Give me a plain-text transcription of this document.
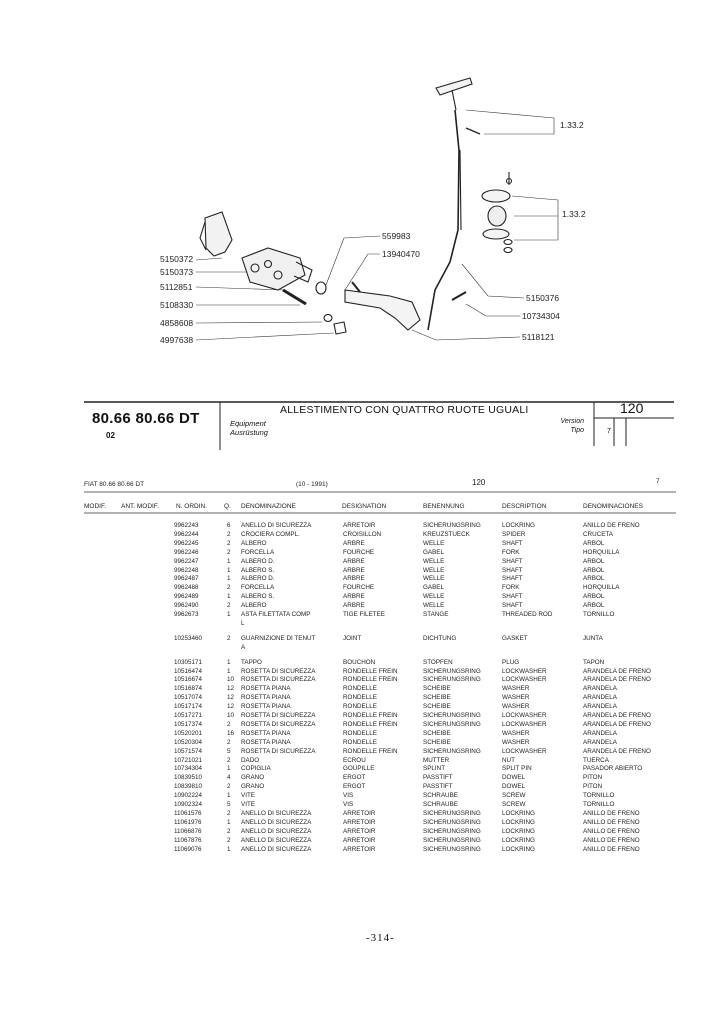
5150372
5150373
5112851
5108330
4858608
4997638
559983
13940470
5150376
10734304
5118121
1.33.2
1.33.2
80.66 80.66 DT
02
Equipment
Ausrüstung
ALLESTIMENTO CON QUATTRO RUOTE UGUALI
Version
Tipo
120
7
FIAT 80.66 80.66 DT	(10 - 1991)	120	7
MODIF. ANT. MODIF.	N. ORDIN.	Q. DENOMINAZIONE	DESIGNATION	BENENNUNG	DESCRIPTION	DENOMINACIONES
9962243	6 ANELLO DI SICUREZZA	ARRETOIR	SICHERUNGSRING	LOCKRING	ANILLO DE FRENO
9962244	2 CROCIERA COMPL.	CROISILLON	KREUZSTUECK	SPIDER	CRUCETA
9962245	2 ALBERO	ARBRE	WELLE	SHAFT	ARBOL
9962246	2 FORCELLA	FOURCHE	GABEL	FORK	HORQUILLA
9962247	1 ALBERO D.	ARBRE	WELLE	SHAFT	ARBOL
9962248	1 ALBERO S.	ARBRE	WELLE	SHAFT	ARBOL
9962487	1 ALBERO D.	ARBRE	WELLE	SHAFT	ARBOL
9962488	2 FORCELLA	FOURCHE	GABEL	FORK	HORQUILLA
9962489	1 ALBERO S.	ARBRE	WELLE	SHAFT	ARBOL
9962490	2 ALBERO	ARBRE	WELLE	SHAFT	ARBOL
9962673	1 ASTA FILETTATA COMP	TIGE FILETEE	STANGE	THREADED ROD	TORNILLO
L
10253460	2 GUARNIZIONE DI TENUT	JOINT	DICHTUNG	GASKET	JUNTA
A
10305171	1 TAPPO	BOUCHON	STOPFEN	PLUG	TAPON
10516474	1 ROSETTA DI SICUREZZA	RONDELLE FREIN	SICHERUNGSRING	LOCKWASHER	ARANDELA DE FRENO
10516674	10 ROSETTA DI SICUREZZA	RONDELLE FREIN	SICHERUNGSRING	LOCKWASHER	ARANDELA DE FRENO
10516874	12 ROSETTA PIANA	RONDELLE	SCHEIBE	WASHER	ARANDELA
10517074	12 ROSETTA PIANA	RONDELLE	SCHEIBE	WASHER	ARANDELA
10517174	12 ROSETTA PIANA	RONDELLE	SCHEIBE	WASHER	ARANDELA
10517271	10 ROSETTA DI SICUREZZA	RONDELLE FREIN	SICHERUNGSRING	LOCKWASHER	ARANDELA DE FRENO
10517374	2 ROSETTA DI SICUREZZA	RONDELLE FREIN	SICHERUNGSRING	LOCKWASHER	ARANDELA DE FRENO
10520201	16 ROSETTA PIANA	RONDELLE	SCHEIBE	WASHER	ARANDELA
10520304	2 ROSETTA PIANA	RONDELLE	SCHEIBE	WASHER	ARANDELA
10571574	5 ROSETTA DI SICUREZZA	RONDELLE FREIN	SICHERUNGSRING	LOCKWASHER	ARANDELA DE FRENO
10721021	2 DADO	ECROU	MUTTER	NUT	TUERCA
10734304	1 COPIGLIA	GOUPILLE	SPLINT	SPLIT PIN	PASADOR ABIERTO
10839510	4 GRANO	ERGOT	PASSTIFT	DOWEL	PITON
10839810	2 GRANO	ERGOT	PASSTIFT	DOWEL	PITON
10902224	1 VITE	VIS	SCHRAUBE	SCREW	TORNILLO
10902324	5 VITE	VIS	SCHRAUBE	SCREW	TORNILLO
11061576	2 ANELLO DI SICUREZZA	ARRETOIR	SICHERUNGSRING	LOCKRING	ANILLO DE FRENO
11061976	1 ANELLO DI SICUREZZA	ARRETOIR	SICHERUNGSRING	LOCKRING	ANILLO DE FRENO
11066876	2 ANELLO DI SICUREZZA	ARRETOIR	SICHERUNGSRING	LOCKRING	ANILLO DE FRENO
11067876	2 ANELLO DI SICUREZZA	ARRETOIR	SICHERUNGSRING	LOCKRING	ANILLO DE FRENO
11069076	1 ANELLO DI SICUREZZA	ARRETOIR	SICHERUNGSRING	LOCKRING	ANILLO DE FRENO
-314-
